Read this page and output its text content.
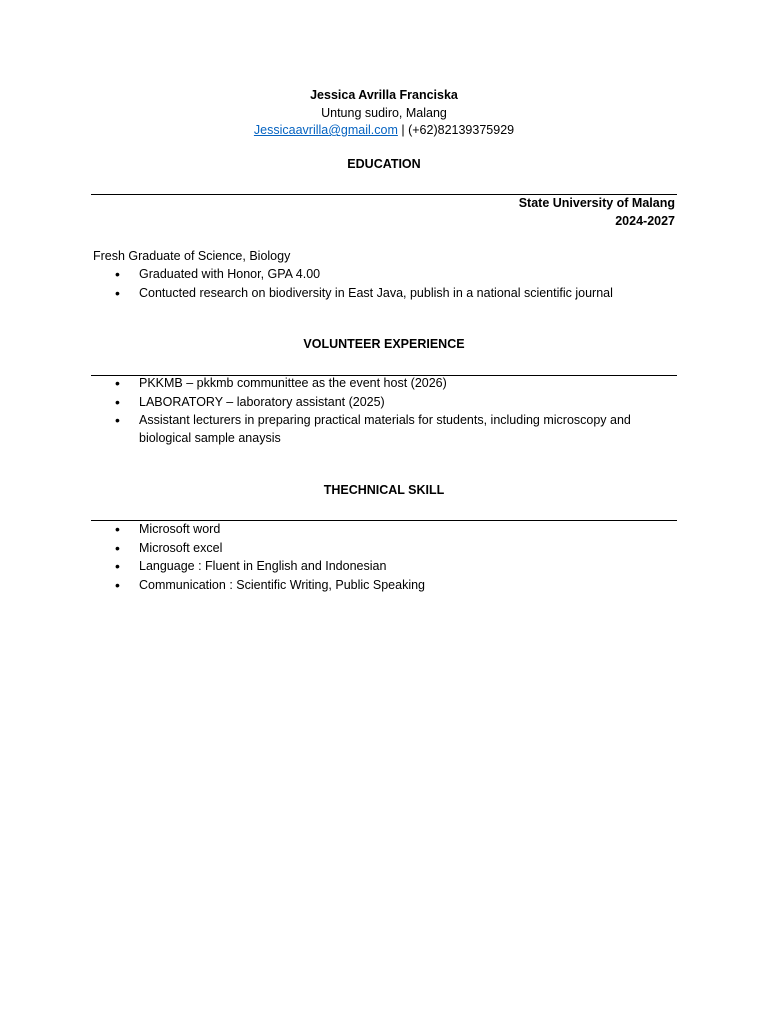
Jessica Avrilla Franciska
Untung sudiro, Malang
Jessicaavrilla@gmail.com | (+62)82139375929
EDUCATION
State University of Malang
2024-2027
Fresh Graduate of Science, Biology
• Graduated with Honor, GPA 4.00
• Contucted research on biodiversity in East Java, publish in a national scientific journal
VOLUNTEER EXPERIENCE
• PKKMB – pkkmb communittee as the event host (2026)
• LABORATORY – laboratory assistant (2025)
• Assistant lecturers in preparing practical materials for students, including microscopy and biological sample anaysis
THECHNICAL SKILL
• Microsoft word
• Microsoft excel
• Language : Fluent in English and Indonesian
• Communication : Scientific Writing, Public Speaking
